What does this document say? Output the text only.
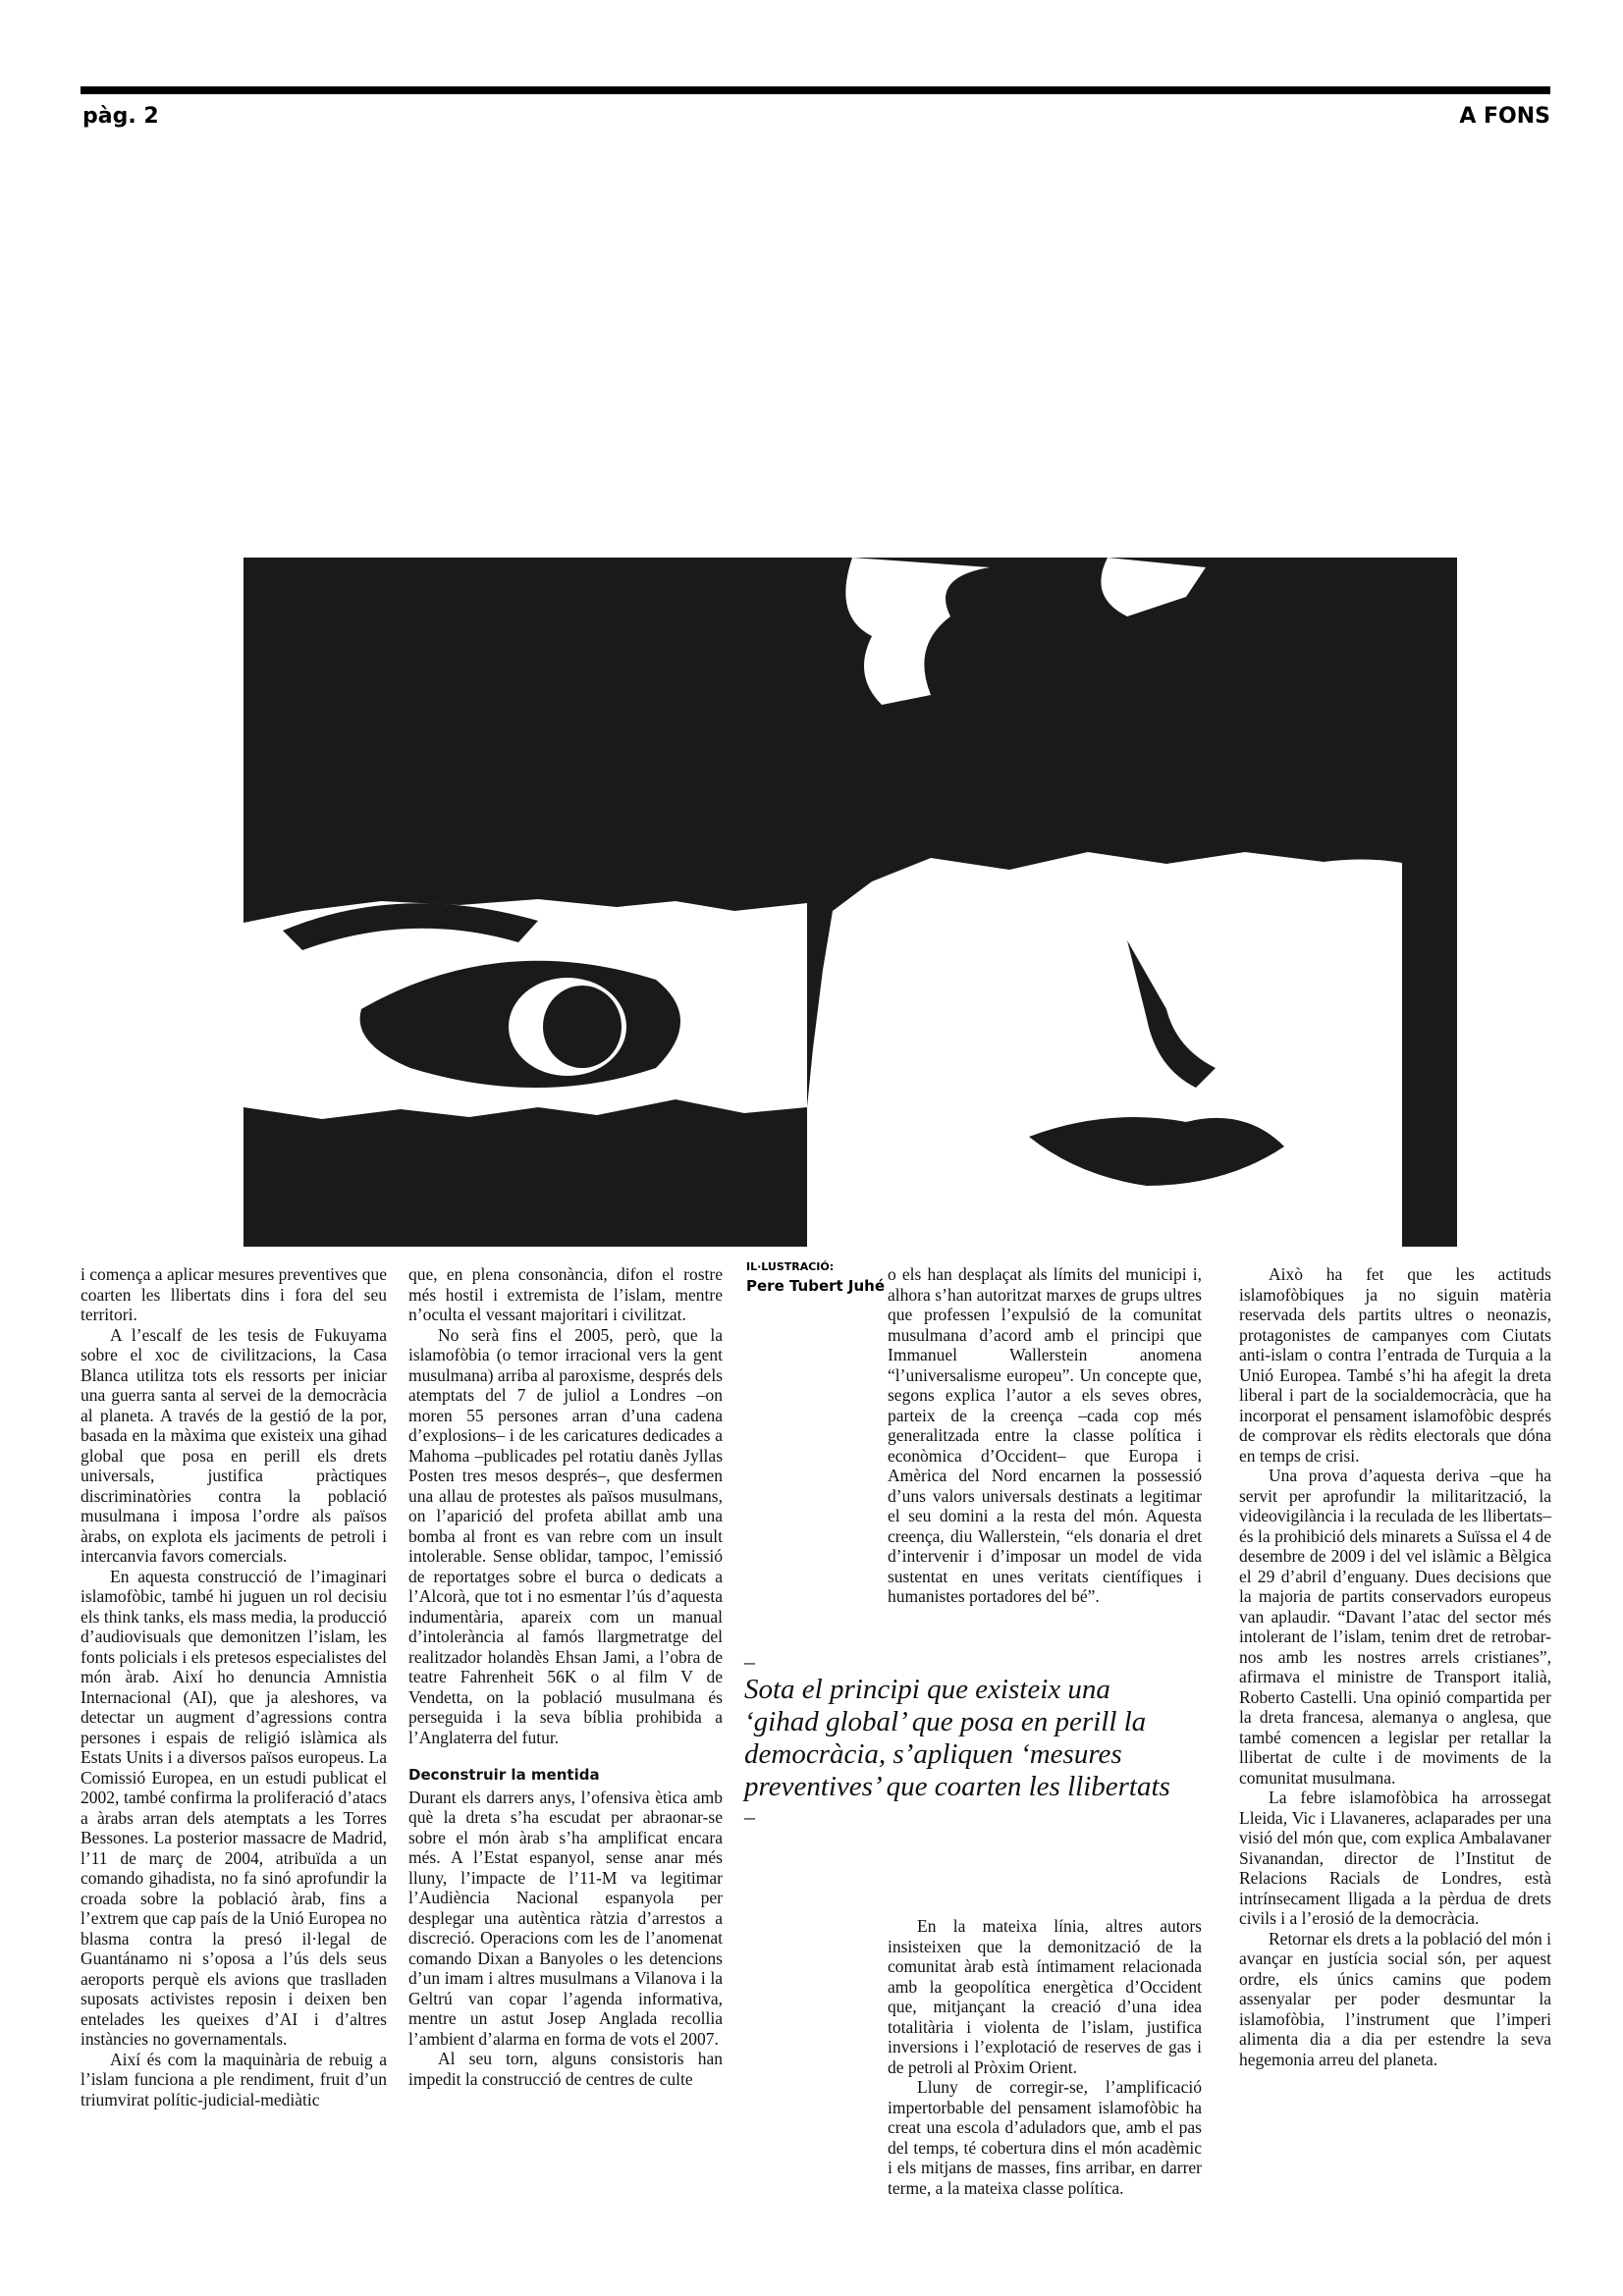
pàg. 2	A FONS
IL·LUSTRACIÓ:
Pere Tubert Juhé

i comença a aplicar mesures preventives que coarten les llibertats dins i fora del seu territori.

A l’escalf de les tesis de Fukuyama sobre el xoc de civilitzacions, la Casa Blanca utilitza tots els ressorts per iniciar una guerra santa al servei de la democràcia al planeta. A través de la gestió de la por, basada en la màxima que existeix una gihad global que posa en perill els drets universals, justifica pràctiques discriminatòries contra la població musulmana i imposa l’ordre als països àrabs, on explota els jaciments de petroli i intercanvia favors comercials.

En aquesta construcció de l’imaginari islamofòbic, també hi juguen un rol decisiu els think tanks, els mass media, la producció d’audiovisuals que demonitzen l’islam, les fonts policials i els pretesos especialistes del món àrab. Així ho denuncia Amnistia Internacional (AI), que ja aleshores, va detectar un augment d’agressions contra persones i espais de religió islàmica als Estats Units i a diversos països europeus. La Comissió Europea, en un estudi publicat el 2002, també confirma la proliferació d’atacs a àrabs arran dels atemptats a les Torres Bessones. La posterior massacre de Madrid, l’11 de març de 2004, atribuïda a un comando gihadista, no fa sinó aprofundir la croada sobre la població àrab, fins a l’extrem que cap país de la Unió Europea no blasma contra la presó il·legal de Guantánamo ni s’oposa a l’ús dels seus aeroports perquè els avions que traslladen suposats activistes reposin i deixen ben entelades les queixes d’AI i d’altres instàncies no governamentals.

Així és com la maquinària de rebuig a l’islam funciona a ple rendiment, fruit d’un triumvirat polític-judicial-mediàtic

que, en plena consonància, difon el rostre més hostil i extremista de l’islam, mentre n’oculta el vessant majoritari i civilitzat.

No serà fins el 2005, però, que la islamofòbia (o temor irracional vers la gent musulmana) arriba al paroxisme, després dels atemptats del 7 de juliol a Londres –on moren 55 persones arran d’una cadena d’explosions– i de les caricatures dedicades a Mahoma –publicades pel rotatiu danès Jyllas Posten tres mesos després–, que desfermen una allau de protestes als països musulmans, on l’aparició del profeta abillat amb una bomba al front es van rebre com un insult intolerable. Sense oblidar, tampoc, l’emissió de reportatges sobre el burca o dedicats a l’Alcorà, que tot i no esmentar l’ús d’aquesta indumentària, apareix com un manual d’intolerància al famós llargmetratge del realitzador holandès Ehsan Jami, a l’obra de teatre Fahrenheit 56K o al film V de Vendetta, on la població musulmana és perseguida i la seva bíblia prohibida a l’Anglaterra del futur.

Deconstruir la mentida

Durant els darrers anys, l’ofensiva ètica amb què la dreta s’ha escudat per abraonar-se sobre el món àrab s’ha amplificat encara més. A l’Estat espanyol, sense anar més lluny, l’impacte de l’11-M va legitimar l’Audiència Nacional espanyola per desplegar una autèntica ràtzia d’arrestos a discreció. Operacions com les de l’anomenat comando Dixan a Banyoles o les detencions d’un imam i altres musulmans a Vilanova i la Geltrú van copar l’agenda informativa, mentre un astut Josep Anglada recollia l’ambient d’alarma en forma de vots el 2007.

Al seu torn, alguns consistoris han impedit la construcció de centres de culte

o els han desplaçat als límits del municipi i, alhora s’han autoritzat marxes de grups ultres que professen l’expulsió de la comunitat musulmana d’acord amb el principi que Immanuel Wallerstein anomena “l’universalisme europeu”. Un concepte que, segons explica l’autor a els seves obres, parteix de la creença –cada cop més generalitzada entre la classe política i econòmica d’Occident– que Europa i Amèrica del Nord encarnen la possessió d’uns valors universals destinats a legitimar el seu domini a la resta del món. Aquesta creença, diu Wallerstein, “els donaria el dret d’intervenir i d’imposar un model de vida sustentat en unes veritats científiques i humanistes portadores del bé”.

–
Sota el principi que existeix una ‘gihad global’ que posa en perill la democràcia, s’apliquen ‘mesures preventives’ que coarten les llibertats
–

En la mateixa línia, altres autors insisteixen que la demonització de la comunitat àrab està íntimament relacionada amb la geopolítica energètica d’Occident que, mitjançant la creació d’una idea totalitària i violenta de l’islam, justifica inversions i l’explotació de reserves de gas i de petroli al Pròxim Orient.

Lluny de corregir-se, l’amplificació impertorbable del pensament islamofòbic ha creat una escola d’aduladors que, amb el pas del temps, té cobertura dins el món acadèmic i els mitjans de masses, fins arribar, en darrer terme, a la mateixa classe política.

Això ha fet que les actituds islamofòbiques ja no siguin matèria reservada dels partits ultres o neonazis, protagonistes de campanyes com Ciutats anti-islam o contra l’entrada de Turquia a la Unió Europea. També s’hi ha afegit la dreta liberal i part de la socialdemocràcia, que ha incorporat el pensament islamofòbic després de comprovar els rèdits electorals que dóna en temps de crisi.

Una prova d’aquesta deriva –que ha servit per aprofundir la militarització, la videovigilància i la reculada de les llibertats– és la prohibició dels minarets a Suïssa el 4 de desembre de 2009 i del vel islàmic a Bèlgica el 29 d’abril d’enguany. Dues decisions que la majoria de partits conservadors europeus van aplaudir. “Davant l’atac del sector més intolerant de l’islam, tenim dret de retrobar-nos amb les nostres arrels cristianes”, afirmava el ministre de Transport italià, Roberto Castelli. Una opinió compartida per la dreta francesa, alemanya o anglesa, que també comencen a legislar per retallar la llibertat de culte i de moviments de la comunitat musulmana.

La febre islamofòbica ha arrossegat Lleida, Vic i Llavaneres, aclaparades per una visió del món que, com explica Ambalavaner Sivanandan, director de l’Institut de Relacions Racials de Londres, està intrínsecament lligada a la pèrdua de drets civils i a l’erosió de la democràcia.

Retornar els drets a la població del món i avançar en justícia social són, per aquest ordre, els únics camins que podem assenyalar per poder desmuntar la islamofòbia, l’instrument que l’imperi alimenta dia a dia per estendre la seva hegemonia arreu del planeta.
